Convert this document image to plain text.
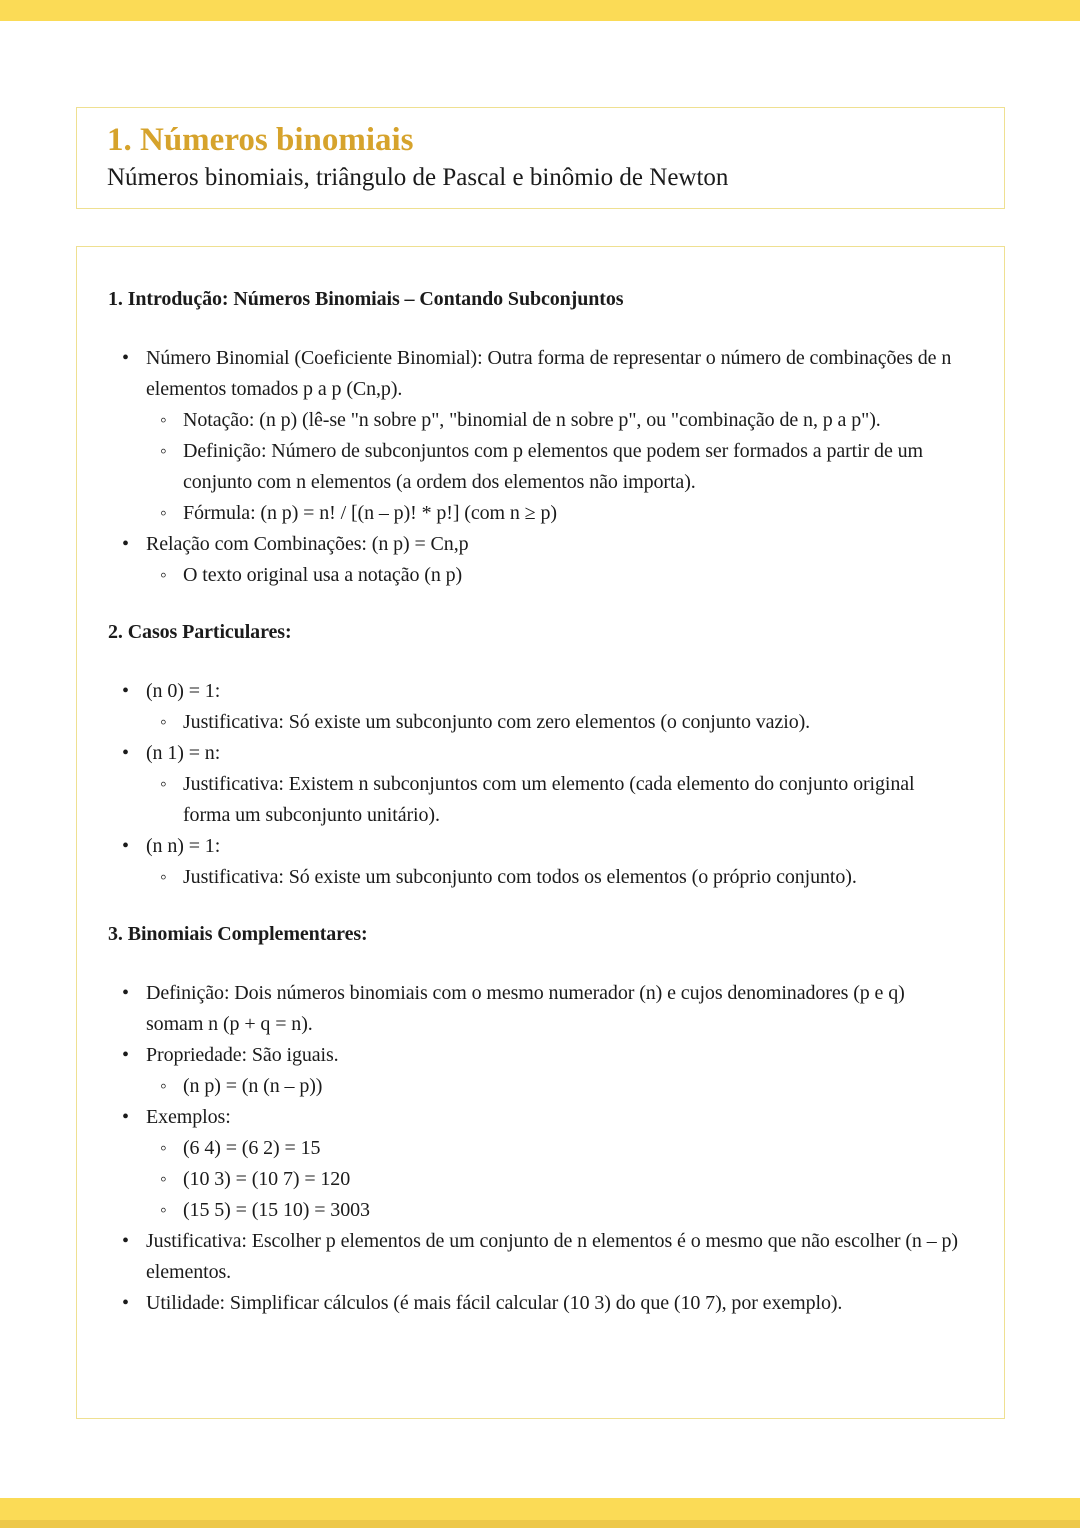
1. Números binomiais

Números binomiais, triângulo de Pascal e binômio de Newton

1. Introdução: Números Binomiais – Contando Subconjuntos
• Número Binomial (Coeficiente Binomial): Outra forma de representar o número de combinações de n elementos tomados p a p (Cn,p).
◦ Notação: (n p) (lê-se "n sobre p", "binomial de n sobre p", ou "combinação de n, p a p").
◦ Definição: Número de subconjuntos com p elementos que podem ser formados a partir de um conjunto com n elementos (a ordem dos elementos não importa).
◦ Fórmula: (n p) = n! / [(n – p)! * p!] (com n ≥ p)
• Relação com Combinações: (n p) = Cn,p
◦ O texto original usa a notação (n p)
2. Casos Particulares:
• (n 0) = 1:
◦ Justificativa: Só existe um subconjunto com zero elementos (o conjunto vazio).
• (n 1) = n:
◦ Justificativa: Existem n subconjuntos com um elemento (cada elemento do conjunto original forma um subconjunto unitário).
• (n n) = 1:
◦ Justificativa: Só existe um subconjunto com todos os elementos (o próprio conjunto).
3. Binomiais Complementares:
• Definição: Dois números binomiais com o mesmo numerador (n) e cujos denominadores (p e q) somam n (p + q = n).
• Propriedade: São iguais.
◦ (n p) = (n (n – p))
• Exemplos:
◦ (6 4) = (6 2) = 15
◦ (10 3) = (10 7) = 120
◦ (15 5) = (15 10) = 3003
• Justificativa: Escolher p elementos de um conjunto de n elementos é o mesmo que não escolher (n – p) elementos.
• Utilidade: Simplificar cálculos (é mais fácil calcular (10 3) do que (10 7), por exemplo).
